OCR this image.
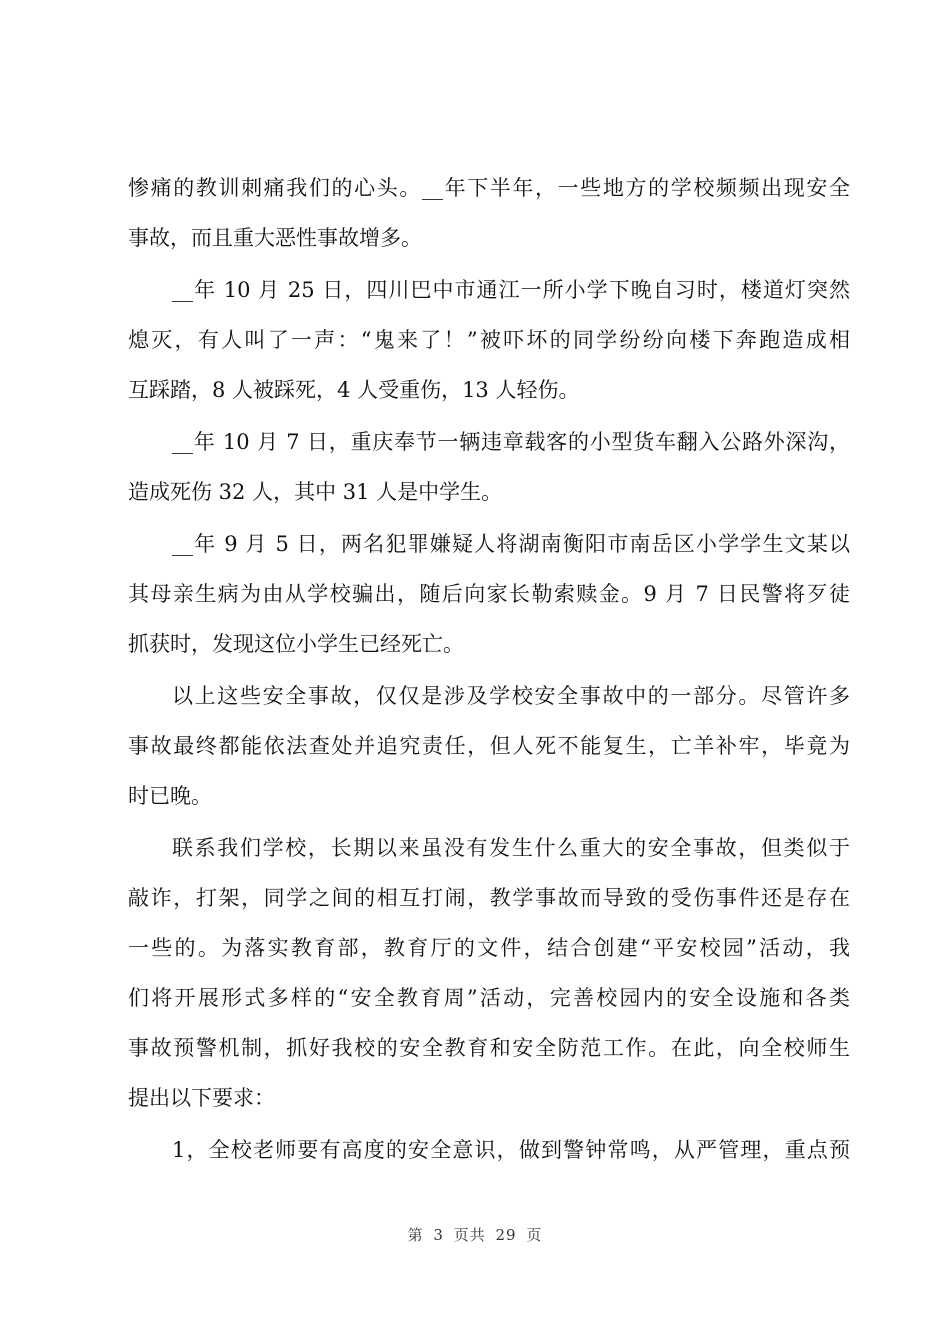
惨痛的教训刺痛我们的心头。__年下半年，一些地方的学校频频出现安全
事故，而且重大恶性事故增多。
__年 10 月 25 日，四川巴中市通江一所小学下晚自习时，楼道灯突然
熄灭，有人叫了一声：“鬼来了！”被吓坏的同学纷纷向楼下奔跑造成相
互踩踏，8 人被踩死，4 人受重伤，13 人轻伤。
__年 10 月 7 日，重庆奉节一辆违章载客的小型货车翻入公路外深沟，
造成死伤 32 人，其中 31 人是中学生。
__年 9 月 5 日，两名犯罪嫌疑人将湖南衡阳市南岳区小学学生文某以
其母亲生病为由从学校骗出，随后向家长勒索赎金。9 月 7 日民警将歹徒
抓获时，发现这位小学生已经死亡。
以上这些安全事故，仅仅是涉及学校安全事故中的一部分。尽管许多
事故最终都能依法查处并追究责任，但人死不能复生，亡羊补牢，毕竟为
时已晚。
联系我们学校，长期以来虽没有发生什么重大的安全事故，但类似于
敲诈，打架，同学之间的相互打闹，教学事故而导致的受伤事件还是存在
一些的。为落实教育部，教育厅的文件，结合创建“平安校园”活动，我
们将开展形式多样的“安全教育周”活动，完善校园内的安全设施和各类
事故预警机制，抓好我校的安全教育和安全防范工作。在此，向全校师生
提出以下要求：
1，全校老师要有高度的安全意识，做到警钟常鸣，从严管理，重点预
第 3 页共 29 页
